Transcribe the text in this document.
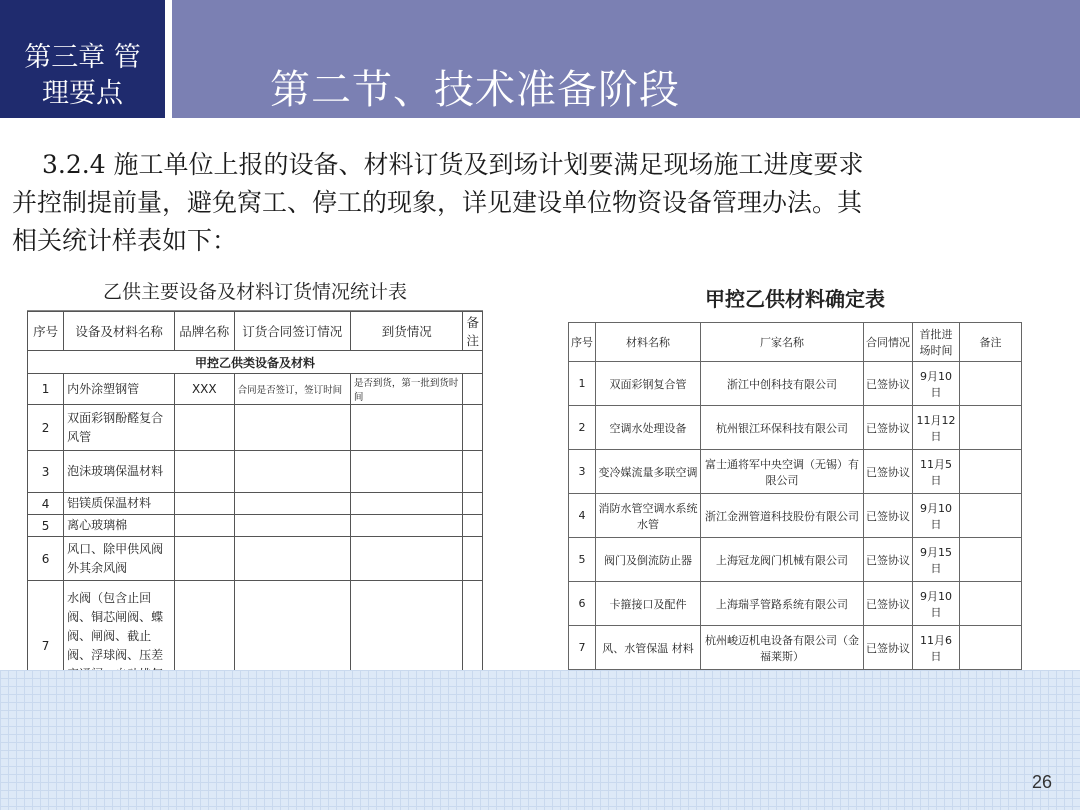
第三章 管
理要点	第二节、技术准备阶段
3.2.4 施工单位上报的设备、材料订货及到场计划要满足现场施工进度要求
并控制提前量，避免窝工、停工的现象，详见建设单位物资设备管理办法。其
相关统计样表如下：
乙供主要设备及材料订货情况统计表
序号	设备及材料名称	品牌名称	订货合同签订情况	到货情况	备注
甲控乙供类设备及材料					
1	内外涂塑钢管	XXX	合同是否签订，签订时间	是否到货，第一批到货时间	
2	双面彩钢酚醛复合风管				
3	泡沫玻璃保温材料				
4	铝镁质保温材料				
5	离心玻璃棉				
6	风口、除甲供风阀外其余风阀				
7	水阀（包含止回阀、铜芯闸阀、蝶阀、闸阀、截止阀、浮球阀、压差				
甲控乙供材料确定表
序号	材料名称	厂家名称	合同情况	首批进场时间	备注
1	双面彩钢复合管	浙江中创科技有限公司	已签协议	9月10日	
2	空调水处理设备	杭州银江环保科技有限公司	已签协议	11月12日	
3	变冷媒流量多联空调	富士通将军中央空调（无锡）有限公司	已签协议	11月5日	
4	消防水管空调水系统水管	浙江金洲管道科技股份有限公司	已签协议	9月10日	
5	阀门及倒流防止器	上海冠龙阀门机械有限公司	已签协议	9月15日	
6	卡箍接口及配件	上海瑞孚管路系统有限公司	已签协议	9月10日	
7	风、水管保温 材料	杭州峻迈机电设备有限公司（金福莱斯）	已签协议	11月6日	
26
